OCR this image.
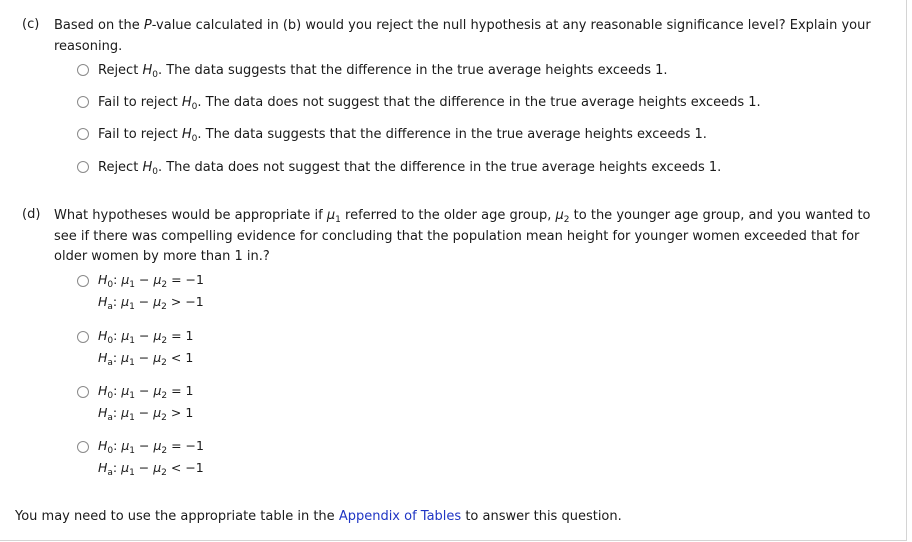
(c) Based on the P-value calculated in (b) would you reject the null hypothesis at any reasonable significance level? Explain your reasoning.
Reject $H_0$. The data suggests that the difference in the true average heights exceeds 1.
Fail to reject $H_0$. The data does not suggest that the difference in the true average heights exceeds 1.
Fail to reject $H_0$. The data suggests that the difference in the true average heights exceeds 1.
Reject $H_0$. The data does not suggest that the difference in the true average heights exceeds 1.
(d) What hypotheses would be appropriate if $\mu_1$ referred to the older age group, $\mu_2$ to the younger age group, and you wanted to see if there was compelling evidence for concluding that the population mean height for younger women exceeded that for older women by more than 1 in.?
$H_0$: $\mu_1 - \mu_2 = -1$
$H_a$: $\mu_1 - \mu_2 > -1$
$H_0$: $\mu_1 - \mu_2 = 1$
$H_a$: $\mu_1 - \mu_2 < 1$
$H_0$: $\mu_1 - \mu_2 = 1$
$H_a$: $\mu_1 - \mu_2 > 1$
$H_0$: $\mu_1 - \mu_2 = -1$
$H_a$: $\mu_1 - \mu_2 < -1$
You may need to use the appropriate table in the Appendix of Tables to answer this question.
